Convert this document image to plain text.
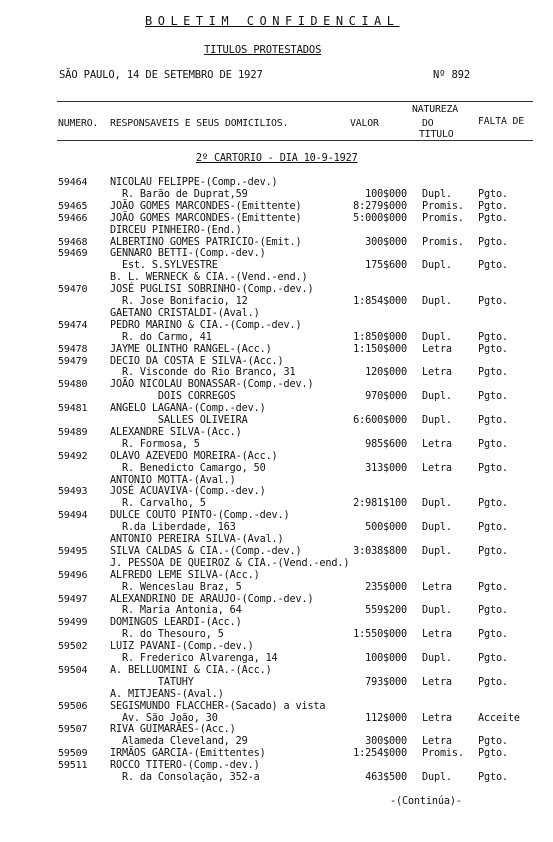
BOLETIM CONFIDENCIAL
TITULOS PROTESTADOS
SÃO PAULO, 14 DE SETEMBRO DE 1927	Nº 892
NUMERO. RESPONSAVEIS E SEUS DOMICILIOS.	VALOR
NATUREZA
DO
TITULO
FALTA DE
2º CARTORIO - DIA 10-9-1927
59464 NICOLAU FELIPPE-(Comp.-dev.)
R. Barão de Duprat,59	100$000 Dupl.	Pgto.
59465 JOÃO GOMES MARCONDES-(Emittente)	8:279$000 Promis. Pgto.
59466 JOÃO GOMES MARCONDES-(Emittente)	5:000$000 Promis. Pgto.
DIRCEU PINHEIRO-(End.)
59468 ALBERTINO GOMES PATRICIO-(Emit.)	300$000 Promis. Pgto.
59469 GENNARO BETTI-(Comp.-dev.)
Est. S.SYLVESTRE	175$600 Dupl.	Pgto.
B. L. WERNECK & CIA.-(Vend.-end.)
59470 JOSÉ PUGLISI SOBRINHO-(Comp.-dev.)
R. Jose Bonifacio, 12	1:854$000 Dupl.	Pgto.
GAETANO CRISTALDI-(Aval.)
59474 PEDRO MARINO & CIA.-(Comp.-dev.)
R. do Carmo, 41	1:850$000 Dupl.	Pgto.
59478 JAYME OLINTHO RANGEL-(Acc.)	1:150$000 Letra	Pgto.
59479 DECIO DA COSTA E SILVA-(Acc.)
R. Visconde do Rio Branco, 31	120$000 Letra	Pgto.
59480 JOÃO NICOLAU BONASSAR-(Comp.-dev.)
DOIS CORREGOS	970$000 Dupl.	Pgto.
59481 ANGELO LAGANA-(Comp.-dev.)
SALLES OLIVEIRA	6:600$000 Dupl.	Pgto.
59489 ALEXANDRE SILVA-(Acc.)
R. Formosa, 5	985$600 Letra	Pgto.
59492 OLAVO AZEVEDO MOREIRA-(Acc.)
R. Benedicto Camargo, 50	313$000 Letra	Pgto.
ANTONIO MOTTA-(Aval.)
59493 JOSÉ ACUAVIVA-(Comp.-dev.)
R. Carvalho, 5	2:981$100 Dupl.	Pgto.
59494 DULCE COUTO PINTO-(Comp.-dev.)
R.da Liberdade, 163	500$000 Dupl.	Pgto.
ANTONIO PEREIRA SILVA-(Aval.)
59495 SILVA CALDAS & CIA.-(Comp.-dev.)	3:038$800 Dupl.	Pgto.
J. PESSOA DE QUEIROZ & CIA.-(Vend.-end.)
59496 ALFREDO LEME SILVA-(Acc.)
R. Wenceslau Braz, 5	235$000 Letra	Pgto.
59497 ALEXANDRINO DE ARAUJO-(Comp.-dev.)
R. Maria Antonia, 64	559$200 Dupl.	Pgto.
59499 DOMINGOS LEARDI-(Acc.)
R. do Thesouro, 5	1:550$000 Letra	Pgto.
59502 LUIZ PAVANI-(Comp.-dev.)
R. Frederico Alvarenga, 14	100$000 Dupl.	Pgto.
59504 A. BELLUOMINI & CIA.-(Acc.)
TATUHY	793$000 Letra	Pgto.
A. MITJEANS-(Aval.)
59506 SEGISMUNDO FLACCHER-(Sacado) a vista
Av. São João, 30	112$000 Letra	Acceite
59507 RIVA GUIMARÃES-(Acc.)
Alameda Cleveland, 29	300$000 Letra	Pgto.
59509 IRMÃOS GARCIA-(Emittentes)	1:254$000 Promis. Pgto.
59511 ROCCO TITERO-(Comp.-dev.)
R. da Consolação, 352-a	463$500 Dupl.	Pgto.
-(Continúa)-
